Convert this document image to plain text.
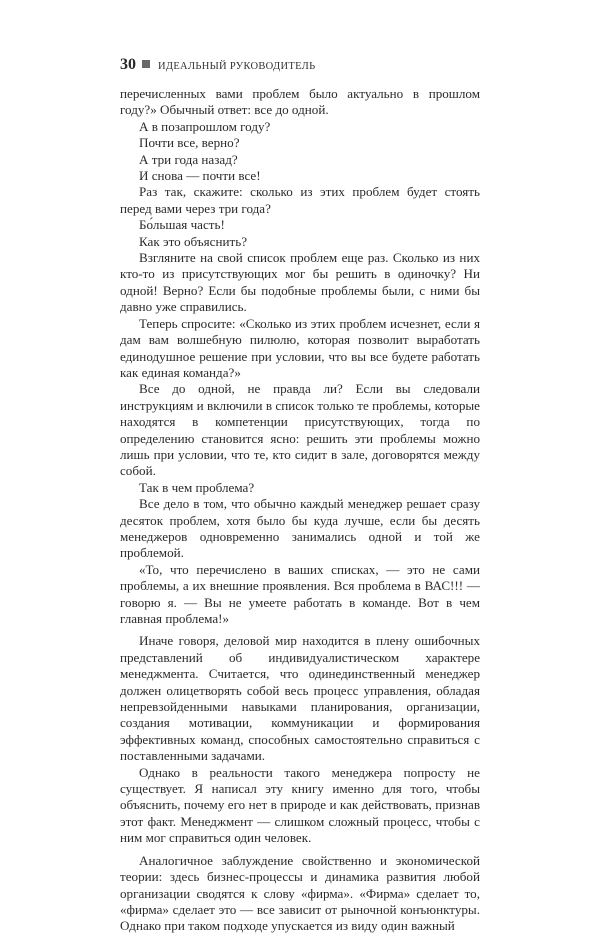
30 ИДЕАЛЬНЫЙ РУКОВОДИТЕЛЬ

перечисленных вами проблем было актуально в прошлом году?» Обычный ответ: все до одной.

А в позапрошлом году?

Почти все, верно?

А три года назад?

И снова — почти все!

Раз так, скажите: сколько из этих проблем будет стоять перед вами через три года?

Бо́льшая часть!

Как это объяснить?

Взгляните на свой список проблем еще раз. Сколько из них кто-то из присутствующих мог бы решить в одиночку? Ни одной! Верно? Если бы подобные проблемы были, с ними бы давно уже справились.

Теперь спросите: «Сколько из этих проблем исчезнет, если я дам вам волшебную пилюлю, которая позволит выработать единодушное решение при условии, что вы все будете работать как единая команда?»

Все до одной, не правда ли? Если вы следовали инструкциям и включили в список только те проблемы, которые находятся в компетенции присутствующих, тогда по определению становится ясно: решить эти проблемы можно лишь при условии, что те, кто сидит в зале, договорятся между собой.

Так в чем проблема?

Все дело в том, что обычно каждый менеджер решает сразу десяток проблем, хотя было бы куда лучше, если бы десять менеджеров одновременно занимались одной и той же проблемой.

«То, что перечислено в ваших списках, — это не сами проблемы, а их внешние проявления. Вся проблема в ВАС!!! — говорю я. — Вы не умеете работать в команде. Вот в чем главная проблема!»

Иначе говоря, деловой мир находится в плену ошибочных представлений об индивидуалистическом характере менеджмента. Считается, что одинединственный менеджер должен олицетворять собой весь процесс управления, обладая непревзойденными навыками планирования, организации, создания мотивации, коммуникации и формирования эффективных команд, способных самостоятельно справиться с поставленными задачами.

Однако в реальности такого менеджера попросту не существует. Я написал эту книгу именно для того, чтобы объяснить, почему его нет в природе и как действовать, признав этот факт. Менеджмент — слишком сложный процесс, чтобы с ним мог справиться один человек.

Аналогичное заблуждение свойственно и экономической теории: здесь бизнес-процессы и динамика развития любой организации сводятся к слову «фирма». «Фирма» сделает то, «фирма» сделает это — все зависит от рыночной конъюнктуры. Однако при таком подходе упускается из виду один важный
